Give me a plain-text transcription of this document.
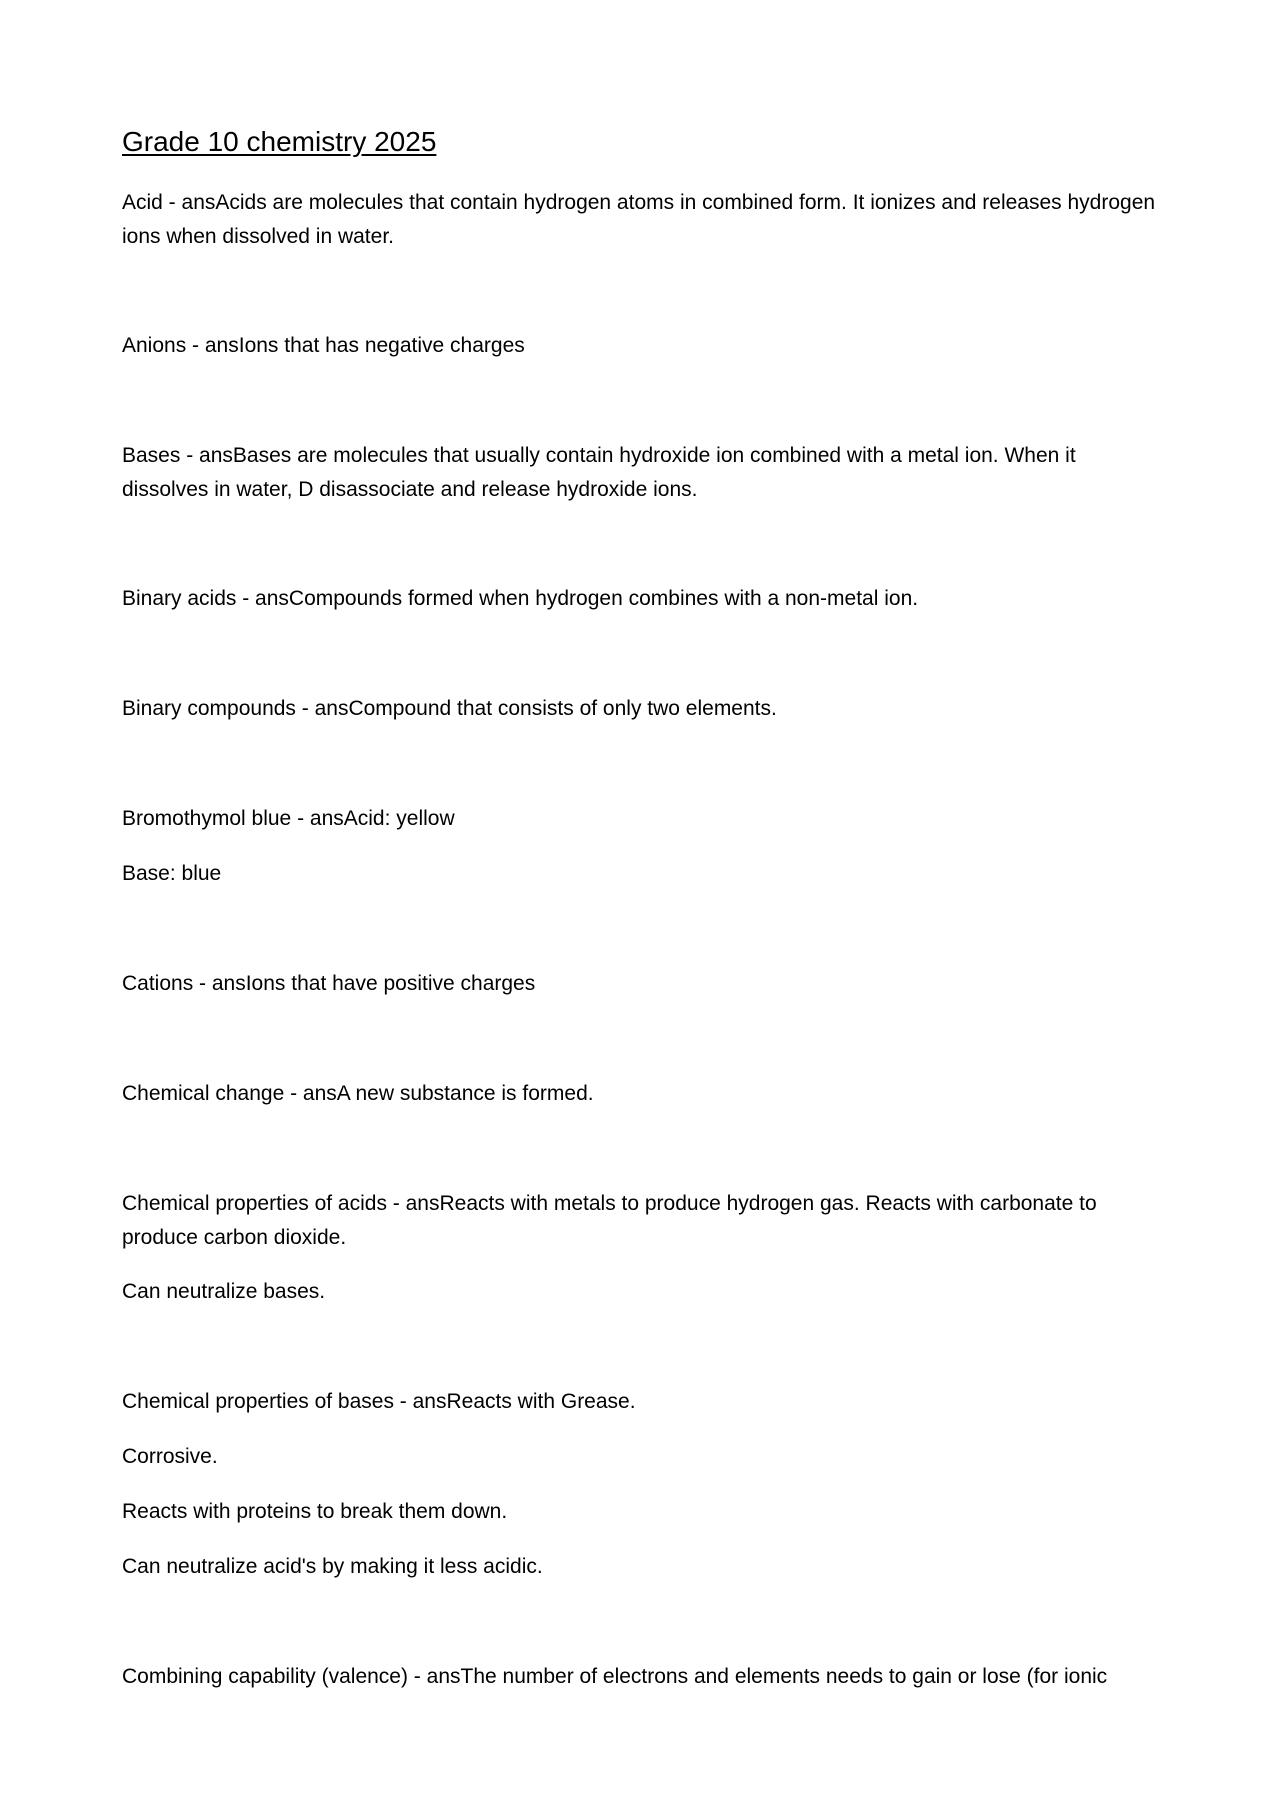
Grade 10 chemistry 2025

Acid - ansAcids are molecules that contain hydrogen atoms in combined form. It ionizes and releases hydrogen ions when dissolved in water.

Anions - ansIons that has negative charges

Bases - ansBases are molecules that usually contain hydroxide ion combined with a metal ion. When it dissolves in water, D disassociate and release hydroxide ions.

Binary acids - ansCompounds formed when hydrogen combines with a non-metal ion.

Binary compounds - ansCompound that consists of only two elements.

Bromothymol blue - ansAcid: yellow

Base: blue

Cations - ansIons that have positive charges

Chemical change - ansA new substance is formed.

Chemical properties of acids - ansReacts with metals to produce hydrogen gas. Reacts with carbonate to produce carbon dioxide.

Can neutralize bases.

Chemical properties of bases - ansReacts with Grease.

Corrosive.

Reacts with proteins to break them down.

Can neutralize acid's by making it less acidic.

Combining capability (valence) - ansThe number of electrons and elements needs to gain or lose (for ionic
